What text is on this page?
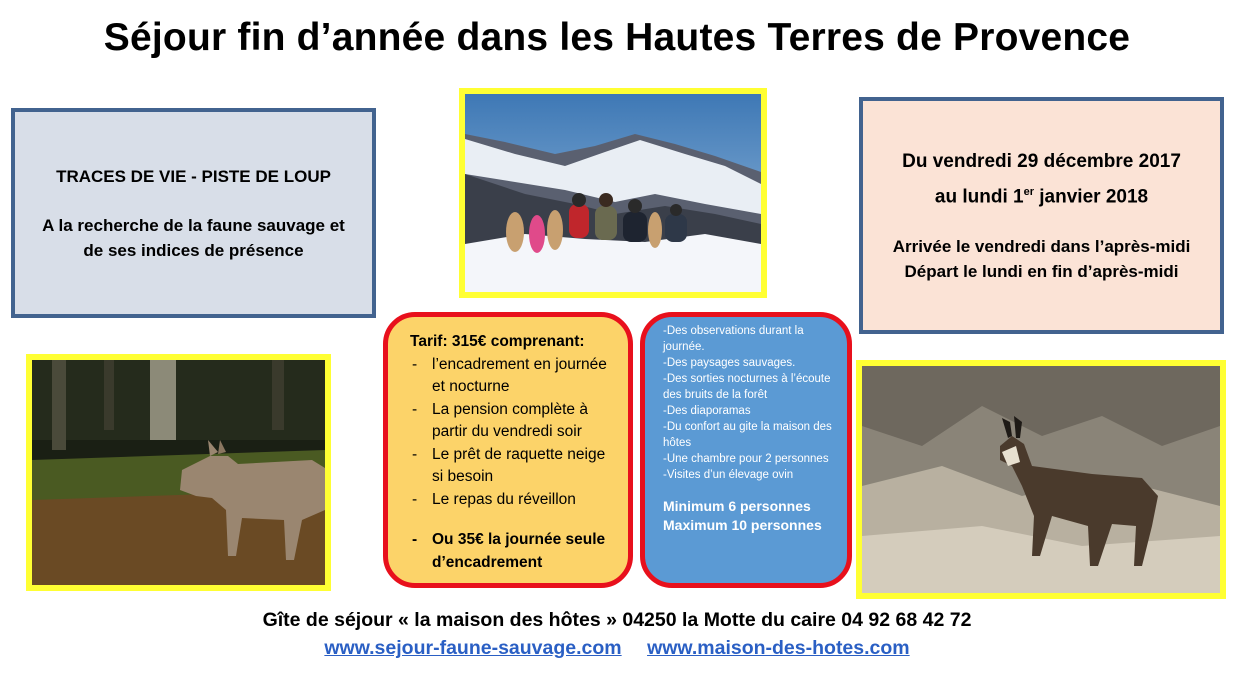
Séjour fin d’année dans les Hautes Terres de Provence
TRACES DE VIE - PISTE DE LOUP
A la recherche de la faune sauvage et
de ses indices de présence
Du vendredi 29 décembre 2017
au lundi 1er janvier 2018
Arrivée le vendredi dans l’après-midi
Départ le lundi en fin d’après-midi
Tarif: 315€ comprenant:
- l’encadrement en journée et nocturne
- La pension complète à partir du vendredi soir
- Le prêt de raquette neige si besoin
- Le repas du réveillon
- Ou 35€ la journée seule d’encadrement
-Des observations durant la journée.
-Des paysages sauvages.
-Des sorties nocturnes à l’écoute des bruits de la forêt
-Des diaporamas
-Du confort au gite la maison des hôtes
-Une chambre pour 2 personnes
-Visites d’un élevage ovin
Minimum 6 personnes
Maximum 10 personnes
Gîte de séjour « la maison des hôtes » 04250 la Motte du caire 04 92 68 42 72
www.sejour-faune-sauvage.com www.maison-des-hotes.com
